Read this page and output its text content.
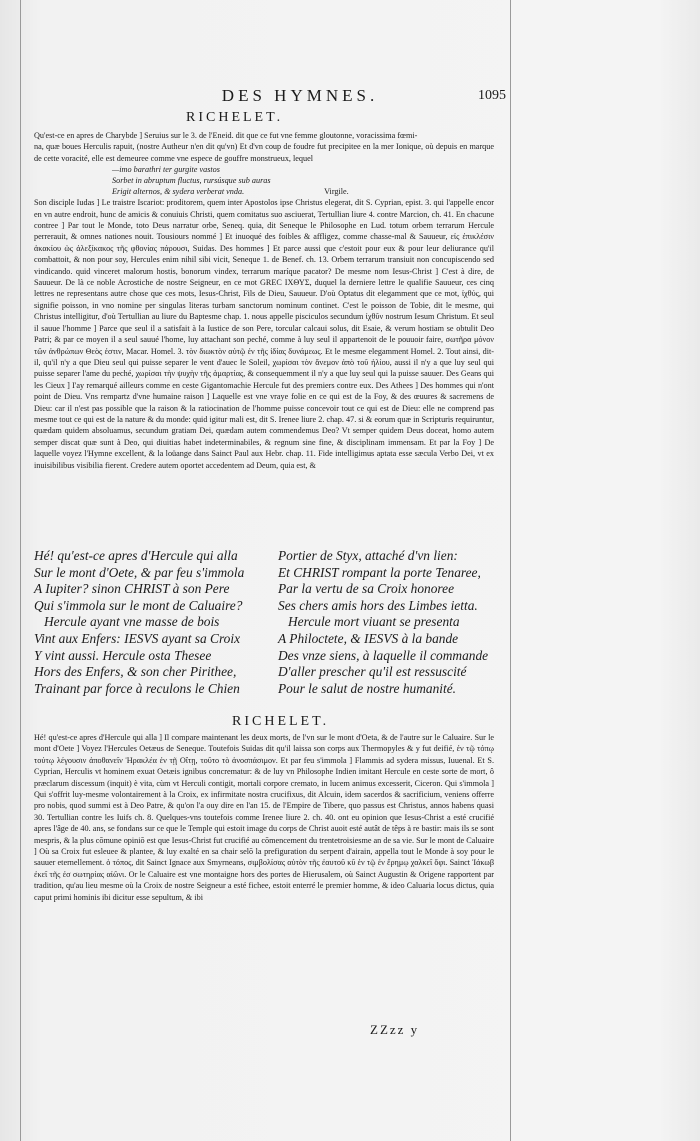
DES HYMNES.	1095
RICHELET.

Qu'est-ce en apres de Charybde ] Seruius sur le 3. de l'Eneid. dit que ce fut vne femme gloutonne, voracissima fœmi-

na, quæ boues Herculis rapuit, (nostre Autheur n'en dit qu'vn) Et d'vn coup de foudre fut precipitee en la mer Ionique, où depuis en marque de cette voracité, elle est demeuree comme vne espece de gouffre monstrueux, lequel

—imo barathri ter gurgite vastos
Sorbet in abruptum fluctus, rursúsque sub auras
Erigit alternos, & sydera verberat vnda.	Virgile.

Son disciple Iudas ] Le traistre Iscariot: proditorem, quem inter Apostolos ipse Christus elegerat, dit S. Cyprian, epist. 3. qui l'appelle encor en vn autre endroit, hunc de amicis & conuiuis Christi, quem comitatus suo asciuerat, Tertullian liure 4. contre Marcion, ch. 41. En chacune contree ] Par tout le Monde, toto Deus narratur orbe, Seneq. quia, dit Seneque le Philosophe en Lud. totum orbem terrarum Hercule perrerauit, & omnes nationes nouit. Tousiours nommé ] Et inuoqué des foibles & affligez, comme chasse-mal & Sauueur, εἰς ἐπικλέσιν ἀκακίου ὡς ἀλεξίκακος τῆς φθονίας πάρουσι, Suidas. Des hommes ] Et parce aussi que c'estoit pour eux & pour leur deliurance qu'il combattoit, & non pour soy, Hercules enim nihil sibi vicit, Seneque 1. de Benef. ch. 13. Orbem terrarum transiuit non concupiscendo sed vindicando. quid vinceret malorum hostis, bonorum vindex, terrarum maríque pacator? De mesme nom Iesus-Christ ] C'est à dire, de Sauueur. De là ce noble Acrostiche de nostre Seigneur, en ce mot GREC ΙΧΘΥΣ, duquel la derniere lettre le qualifie Sauueur, ces cinq lettres ne representans autre chose que ces mots, Iesus-Christ, Fils de Dieu, Sauueur. D'où Optatus dit elegamment que ce mot, ἰχθύς, qui signifie poisson, in vno nomine per singulas literas turbam sanctorum nominum continet. C'est le poisson de Tobie, dit le mesme, qui Christus intelligitur, d'où Tertullian au liure du Baptesme chap. 1. nous appelle pisciculos secundum ἰχθῦν nostrum Iesum Christum. Et seul il sauue l'homme ] Parce que seul il a satisfait à la Iustice de son Pere, torcular calcaui solus, dit Esaie, & verum hostiam se obtulit Deo Patri; & par ce moyen il a seul sauué l'home, luy attachant son peché, comme à luy seul il appartenoit de le pouuoir faire, σωτῆρα μόνον τῶν ἀνθρώπων Θεὸς ἐστιν, Macar. Homel. 3. τὸν διωκτὸν αὐτῷ ἐν τῆς ἰδίας δυνάμεως. Et le mesme elegamment Homel. 2. Tout ainsi, dit-il, qu'il n'y a que Dieu seul qui puisse separer le vent d'auec le Soleil, χωρίσαι τὸν ἄνεμον ἀπὸ τοῦ ἡλίου, aussi il n'y a que luy seul qui puisse separer l'ame du peché, χωρίσαι τὴν ψυχὴν τῆς ἁμαρτίας, & consequemment il n'y a que luy seul qui la puisse sauuer. Des Geans qui les Cieux ] I'ay remarqué ailleurs comme en ceste Gigantomachie Hercule fut des premiers contre eux. Des Athees ] Des hommes qui n'ont point de Dieu. Vns rempartz d'vne humaine raison ] Laquelle est vne vraye folie en ce qui est de la Foy, & des œuures & sacremens de Dieu: car il n'est pas possible que la raison & la ratiocination de l'homme puisse concevoir tout ce qui est de Dieu: elle ne comprend pas mesme tout ce qui est de la nature & du monde: quid igitur mali est, dit S. Irenee liure 2. chap. 47. si & eorum quæ in Scripturis requiruntur, quædam quidem absoluamus, secundum gratiam Dei, quædam autem commendemus Deo? Vt semper quidem Deus doceat, homo autem semper discat quæ sunt à Deo, qui diuitias habet indeterminabiles, & regnum sine fine, & disciplinam immensam. Et par la Foy ] De laquelle voyez l'Hymne excellent, & la loüange dans Sainct Paul aux Hebr. chap. 11. Fide intelligimus aptata esse sæcula Verbo Dei, vt ex inuisibilibus visibilia fierent. Credere autem oportet accedentem ad Deum, quia est, &

Hé! qu'est-ce apres d'Hercule qui alla
Sur le mont d'Oete, & par feu s'immola
A Iupiter? sinon CHRIST à son Pere
Qui s'immola sur le mont de Caluaire?
Hercule ayant vne masse de bois
Vint aux Enfers: IESVS ayant sa Croix
Y vint aussi. Hercule osta Thesee
Hors des Enfers, & son cher Pirithee,
Trainant par force à reculons le Chien
Portier de Styx, attaché d'vn lien:
Et CHRIST rompant la porte Tenaree,
Par la vertu de sa Croix honoree
Ses chers amis hors des Limbes ietta.
Hercule mort viuant se presenta
A Philoctete, & IESVS à la bande
Des vnze siens, à laquelle il commande
D'aller prescher qu'il est ressuscité
Pour le salut de nostre humanité.
RICHELET.

Hé! qu'est-ce apres d'Hercule qui alla ] Il compare maintenant les deux morts, de l'vn sur le mont d'Oeta, & de l'autre sur le Caluaire. Sur le mont d'Oete ] Voyez l'Hercules Oetæus de Seneque. Toutefois Suidas dit qu'il laissa son corps aux Thermopyles & y fut deifié, ἐν τῷ τόπῳ τούτῳ λέγουσιν ἀποθανεῖν Ἡρακλέα ἐν τῇ Οἴτῃ, τοῦτο τὸ ἀνοσπάσιμον. Et par feu s'immola ] Flammis ad sydera missus, Iuuenal. Et S. Cyprian, Herculis vt hominem exuat Oetæis ignibus concrematur: & de luy vn Philosophe Indien imitant Hercule en ceste sorte de mort, ô præclarum discessum (inquit) è vita, cùm vt Herculi contigit, mortali corpore cremato, in lucem animus excesserit, Ciceron. Qui s'immola ] Qui s'offrit luy-mesme volontairement à la Croix, ex infirmitate nostra crucifixus, dit Alcuin, idem sacerdos & sacrificium, veniens offerre pro nobis, quod summi est à Deo Patre, & qu'on l'a ouy dire en l'an 15. de l'Empire de Tibere, quo passus est Christus, annos habens quasi 30. Tertullian contre les Iuifs ch. 8. Quelques-vns toutefois comme Irenee liure 2. ch. 40. ont eu opinion que Iesus-Christ a esté crucifié apres l'âge de 40. ans, se fondans sur ce que le Temple qui estoit image du corps de Christ auoit esté autât de têps à re bastir: mais ils se sont mespris, & la plus cōmune opiniō est que Iesus-Christ fut crucifié au cōmencement du trentetroisiesme an de sa vie. Sur le mont de Caluaire ] Où sa Croix fut esleuee & plantee, & luy exalté en sa chair selō la prefiguration du serpent d'airain, appella tout le Monde à soy pour le sauuer eternellement. ὁ τόπος, dit Sainct Ignace aux Smyrneans, σιμβολίσας αὐτὸν τῆς ἐαυτοῦ κῦ ἐν τῷ ἐν ἔρημῳ χαλκεῖ ὄφι. Sainct Ἰάκωβ ἐκεῖ τῆς ἐσ σωτηρίας αἰῶνι. Or le Caluaire est vne montaigne hors des portes de Hierusalem, où Sainct Augustin & Origene rapportent par tradition, qu'au lieu mesme où la Croix de nostre Seigneur a esté fichee, estoit enterré le premier homme, & ideo Caluaria locus dictus, quia caput primi hominis ibi dicitur esse sepultum, & ibi

ZZzz y
